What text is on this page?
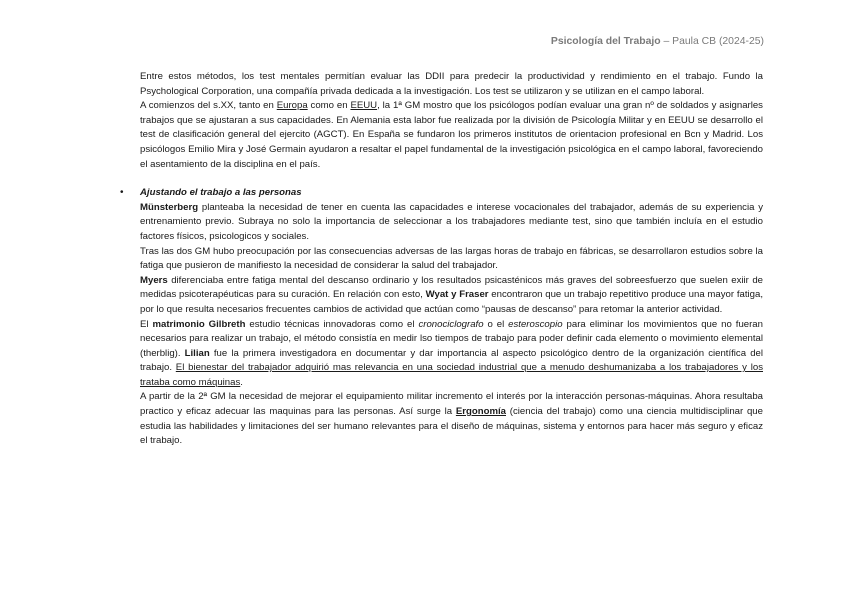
Psicología del Trabajo – Paula CB (2024-25)

Entre estos métodos, los test mentales permitían evaluar las DDII para predecir la productividad y rendimiento en el trabajo. Fundo la Psychological Corporation, una compañía privada dedicada a la investigación. Los test se utilizaron y se utilizan en el campo laboral.

A comienzos del s.XX, tanto en Europa como en EEUU, la 1ª GM mostro que los psicólogos podían evaluar una gran nº de soldados y asignarles trabajos que se ajustaran a sus capacidades. En Alemania esta labor fue realizada por la división de Psicología Militar y en EEUU se desarrollo el test de clasificación general del ejercito (AGCT). En España se fundaron los primeros institutos de orientacion profesional en Bcn y Madrid. Los psicólogos Emilio Mira y José Germain ayudaron a resaltar el papel fundamental de la investigación psicológica en el campo laboral, favoreciendo el asentamiento de la disciplina en el país.

• Ajustando el trabajo a las personas

Münsterberg planteaba la necesidad de tener en cuenta las capacidades e interese vocacionales del trabajador, además de su experiencia y entrenamiento previo. Subraya no solo la importancia de seleccionar a los trabajadores mediante test, sino que también incluía en el estudio factores físicos, psicologicos y sociales.

Tras las dos GM hubo preocupación por las consecuencias adversas de las largas horas de trabajo en fábricas, se desarrollaron estudios sobre la fatiga que pusieron de manifiesto la necesidad de considerar la salud del trabajador.

Myers diferenciaba entre fatiga mental del descanso ordinario y los resultados psicasténicos más graves del sobreesfuerzo que suelen exiir de medidas psicoterapéuticas para su curación. En relación con esto, Wyat y Fraser encontraron que un trabajo repetitivo produce una mayor fatiga, por lo que resulta necesarios frecuentes cambios de actividad que actúan como “pausas de descanso” para retomar la anterior actividad.

El matrimonio Gilbreth estudio técnicas innovadoras como el cronociclografo o el esteroscopio para eliminar los movimientos que no fueran necesarios para realizar un trabajo, el método consistía en medir lso tiempos de trabajo para poder definir cada elemento o movimiento elemental (therblig). Lilian fue la primera investigadora en documentar y dar importancia al aspecto psicológico dentro de la organización científica del trabajo. El bienestar del trabajador adquirió mas relevancia en una sociedad industrial que a menudo deshumanizaba a los trabajadores y los trataba como máquinas.

A partir de la 2ª GM la necesidad de mejorar el equipamiento militar incremento el interés por la interacción personas-máquinas. Ahora resultaba practico y eficaz adecuar las maquinas para las personas. Así surge la Ergonomía (ciencia del trabajo) como una ciencia multidisciplinar que estudia las habilidades y limitaciones del ser humano relevantes para el diseño de máquinas, sistema y entornos para hacer más seguro y eficaz el trabajo.
